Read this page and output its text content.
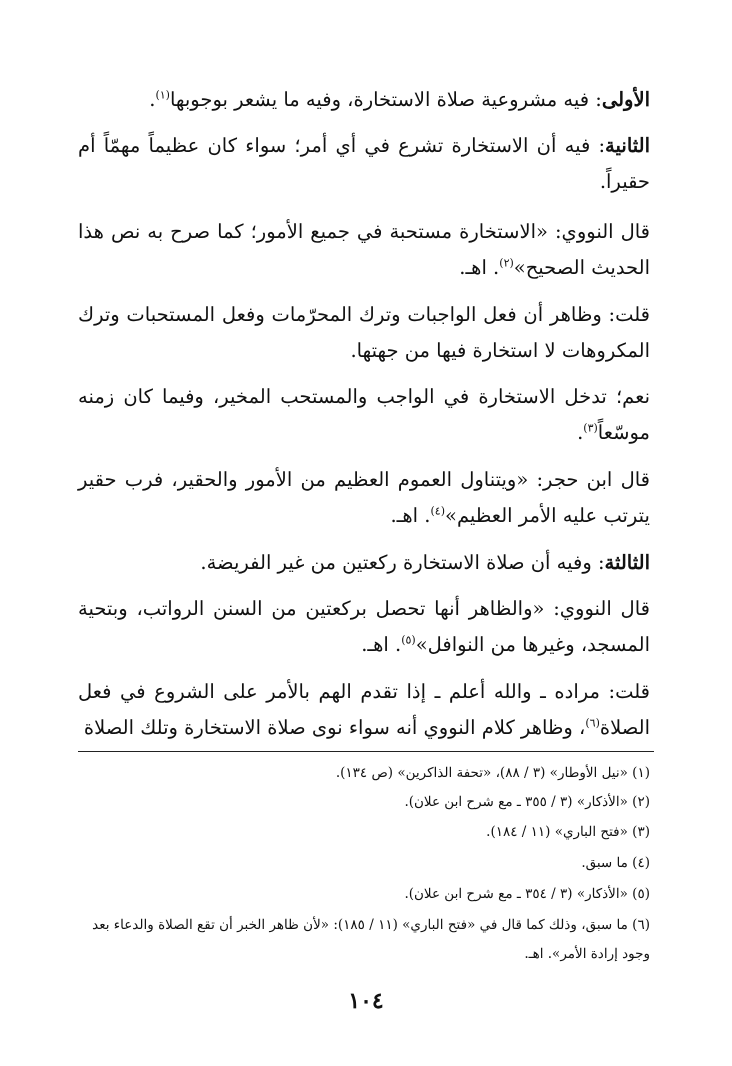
الأولى: فيه مشروعية صلاة الاستخارة، وفيه ما يشعر بوجوبها$^{(١)}$.

الثانية: فيه أن الاستخارة تشرع في أي أمر؛ سواء كان عظيماً مهمّاً أم حقيراً.

قال النووي: «الاستخارة مستحبة في جميع الأمور؛ كما صرح به نص هذا الحديث الصحيح»$^{(٢)}$. اهـ.

قلت: وظاهر أن فعل الواجبات وترك المحرّمات وفعل المستحبات وترك المكروهات لا استخارة فيها من جهتها.

نعم؛ تدخل الاستخارة في الواجب والمستحب المخير، وفيما كان زمنه موسّعاً$^{(٣)}$.

قال ابن حجر: «ويتناول العموم العظيم من الأمور والحقير، فرب حقير يترتب عليه الأمر العظيم»$^{(٤)}$. اهـ.

الثالثة: وفيه أن صلاة الاستخارة ركعتين من غير الفريضة.

قال النووي: «والظاهر أنها تحصل بركعتين من السنن الرواتب، وبتحية المسجد، وغيرها من النوافل»$^{(٥)}$. اهـ.

قلت: مراده ـ والله أعلم ـ إذا تقدم الهم بالأمر على الشروع في فعل الصلاة$^{(٦)}$، وظاهر كلام النووي أنه سواء نوى صلاة الاستخارة وتلك الصلاة

(١) «نيل الأوطار» (٣ / ٨٨)، «تحفة الذاكرين» (ص ١٣٤).

(٢) «الأذكار» (٣ / ٣٥٥ ـ مع شرح ابن علان).

(٣) «فتح الباري» (١١ / ١٨٤).

(٤) ما سبق.

(٥) «الأذكار» (٣ / ٣٥٤ ـ مع شرح ابن علان).

(٦) ما سبق، وذلك كما قال في «فتح الباري» (١١ / ١٨٥): «لأن ظاهر الخبر أن تقع الصلاة والدعاء بعد وجود إرادة الأمر». اهـ.

١٠٤
